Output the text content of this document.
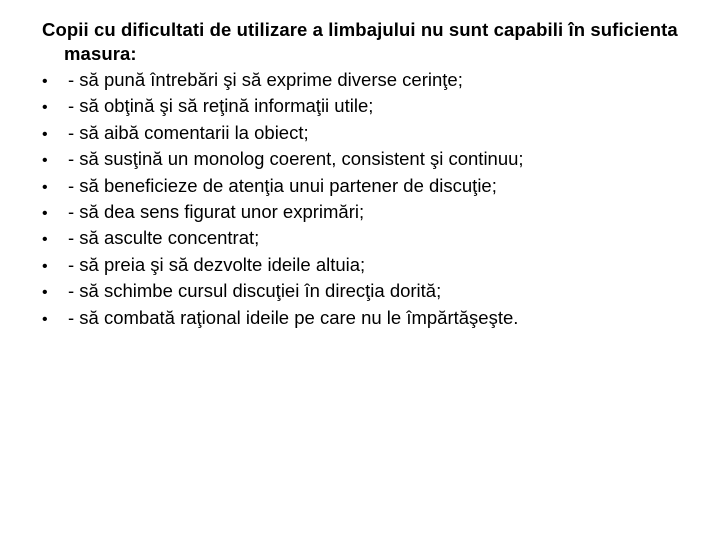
Copii cu dificultati de utilizare a limbajului nu sunt capabili în suficienta masura:

•	- să pună întrebări şi să exprime diverse cerinţe;
•	- să obţină şi să reţină informaţii utile;
•	- să aibă comentarii la obiect;
•	- să susţină un monolog coerent, consistent şi continuu;
•	- să beneficieze de atenţia unui partener de discuţie;
•	- să dea sens figurat unor exprimări;
•	- să asculte concentrat;
•	- să preia şi să dezvolte ideile altuia;
•	- să schimbe cursul discuţiei în direcţia dorită;
•	- să combată raţional ideile pe care nu le împărtăşeşte.
